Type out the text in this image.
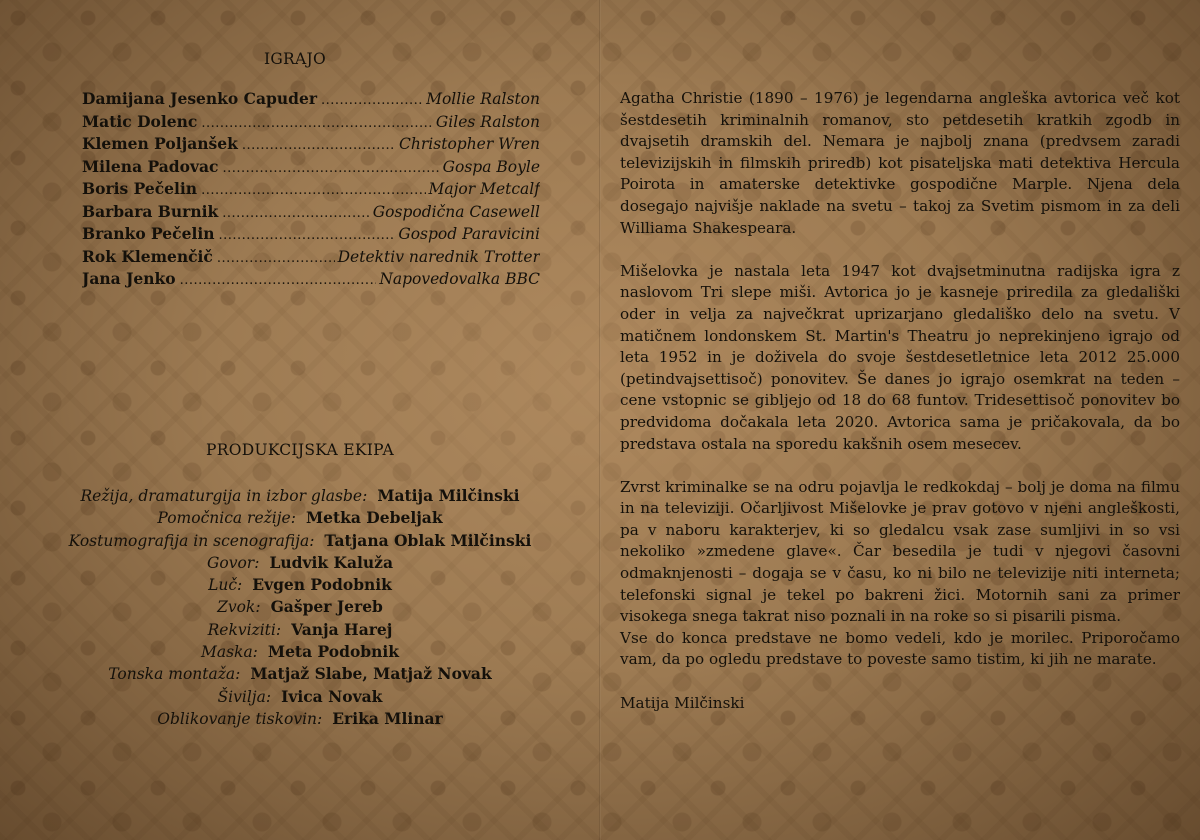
IGRAJO
Damijana Jesenko Capuder .....	Mollie Ralston
Matic Dolenc .....	Giles Ralston
Klemen Poljanšek .....	Christopher Wren
Milena Padovac .....	Gospa Boyle
Boris Pečelin .....	Major Metcalf
Barbara Burnik .....	Gospodična Casewell
Branko Pečelin .....	Gospod Paravicini
Rok Klemenčič .....	Detektiv narednik Trotter
Jana Jenko .....	Napovedovalka BBC
PRODUKCIJSKA EKIPA
Režija, dramaturgija in izbor glasbe: Matija Milčinski
Pomočnica režije: Metka Debeljak
Kostumografija in scenografija: Tatjana Oblak Milčinski
Govor: Ludvik Kaluža
Luč: Evgen Podobnik
Zvok: Gašper Jereb
Rekviziti: Vanja Harej
Maska: Meta Podobnik
Tonska montaža: Matjaž Slabe, Matjaž Novak
Šivilja: Ivica Novak
Oblikovanje tiskovin: Erika Mlinar

Agatha Christie (1890 – 1976) je legendarna angleška avtorica več kot šestdesetih kriminalnih romanov, sto petdesetih kratkih zgodb in dvajsetih dramskih del. Nemara je najbolj znana (predvsem zaradi televizijskih in filmskih priredb) kot pisateljska mati detektiva Hercula Poirota in amaterske detektivke gospodične Marple. Njena dela dosegajo najvišje naklade na svetu – takoj za Svetim pismom in za deli Williama Shakespeara.

Mišelovka je nastala leta 1947 kot dvajsetminutna radijska igra z naslovom Tri slepe miši. Avtorica jo je kasneje priredila za gledališki oder in velja za največkrat uprizarjano gledališko delo na svetu. V matičnem londonskem St. Martin's Theatru jo neprekinjeno igrajo od leta 1952 in je doživela do svoje šestdesetletnice leta 2012 25.000 (petindvajsettisoč) ponovitev. Še danes jo igrajo osemkrat na teden – cene vstopnic se gibljejo od 18 do 68 funtov. Tridesettisoč ponovitev bo predvidoma dočakala leta 2020. Avtorica sama je pričakovala, da bo predstava ostala na sporedu kakšnih osem mesecev.

Zvrst kriminalke se na odru pojavlja le redkokdaj – bolj je doma na filmu in na televiziji. Očarljivost Mišelovke je prav gotovo v njeni angleškosti, pa v naboru karakterjev, ki so gledalcu vsak zase sumljivi in so vsi nekoliko »zmedene glave«. Čar besedila je tudi v njegovi časovni odmaknjenosti – dogaja se v času, ko ni bilo ne televizije niti interneta; telefonski signal je tekel po bakreni žici. Motornih sani za primer visokega snega takrat niso poznali in na roke so si pisarili pisma.

Vse do konca predstave ne bomo vedeli, kdo je morilec. Priporočamo vam, da po ogledu predstave to poveste samo tistim, ki jih ne marate.

Matija Milčinski
